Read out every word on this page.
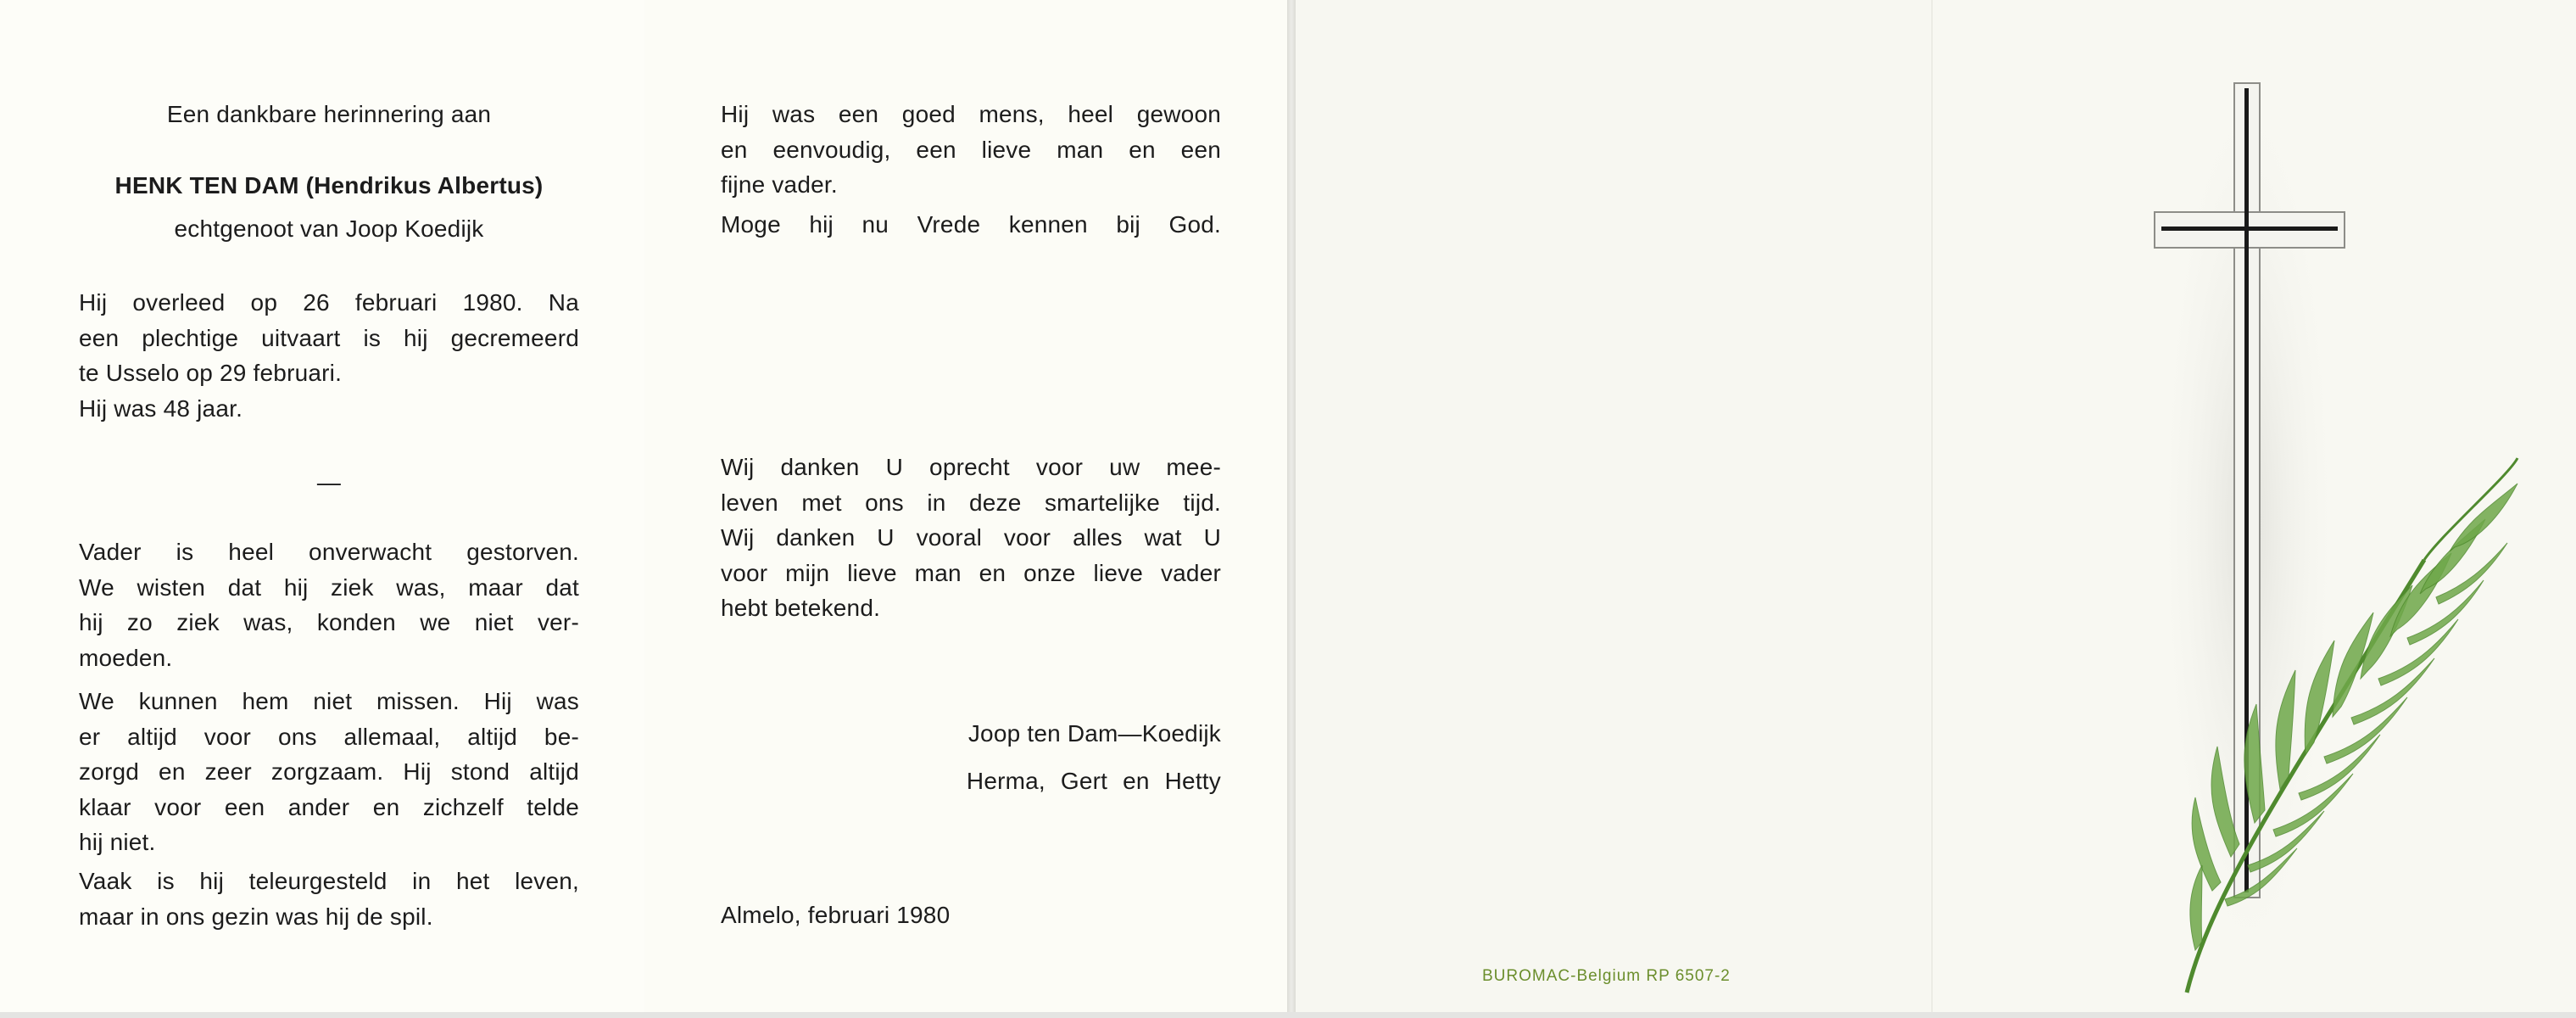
Een dankbare herinnering aan
HENK TEN DAM (Hendrikus Albertus)
echtgenoot van Joop Koedijk
Hij overleed op 26 februari 1980. Na
een plechtige uitvaart is hij gecremeerd
te Usselo op 29 februari.
Hij was 48 jaar.
—
Vader is heel onverwacht gestorven.
We wisten dat hij ziek was, maar dat
hij zo ziek was, konden we niet ver-
moeden.
We kunnen hem niet missen. Hij was
er altijd voor ons allemaal, altijd be-
zorgd en zeer zorgzaam. Hij stond altijd
klaar voor een ander en zichzelf telde
hij niet.
Vaak is hij teleurgesteld in het leven,
maar in ons gezin was hij de spil.
Hij was een goed mens, heel gewoon
en eenvoudig, een lieve man en een
fijne vader.
Moge hij nu Vrede kennen bij God.
Wij danken U oprecht voor uw mee-
leven met ons in deze smartelijke tijd.
Wij danken U vooral voor alles wat U
voor mijn lieve man en onze lieve vader
hebt betekend.
Joop ten Dam—Koedijk
Herma, Gert en Hetty
Almelo, februari 1980
BUROMAC-Belgium RP 6507-2
